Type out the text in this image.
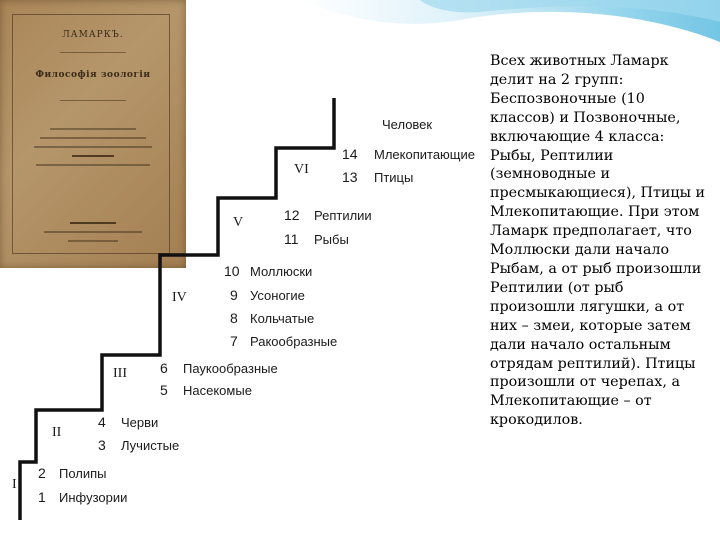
ЛАМАРКЪ.
Философія зоологіи
Человек
VI
14 Млекопитающие
13 Птицы
V	12 Рептилии
11 Рыбы
IV
10 Моллюски
9 Усоногие
8 Кольчатые
7 Ракообразные
III 6 Паукообразные
5 Насекомые
II
4 Черви
3 Лучистые
I
2 Полипы
1 Инфузории
Всех животных Ламарк делит на 2 групп: Беспозвоночные (10 классов) и Позвоночные, включающие 4 класса: Рыбы, Рептилии (земноводные и пресмыкающиеся), Птицы и Млекопитающие. При этом Ламарк предполагает, что Моллюски дали начало Рыбам, а от рыб произошли Рептилии (от рыб произошли лягушки, а от них – змеи, которые затем дали начало остальным отрядам рептилий). Птицы произошли от черепах, а Млекопитающие – от крокодилов.
